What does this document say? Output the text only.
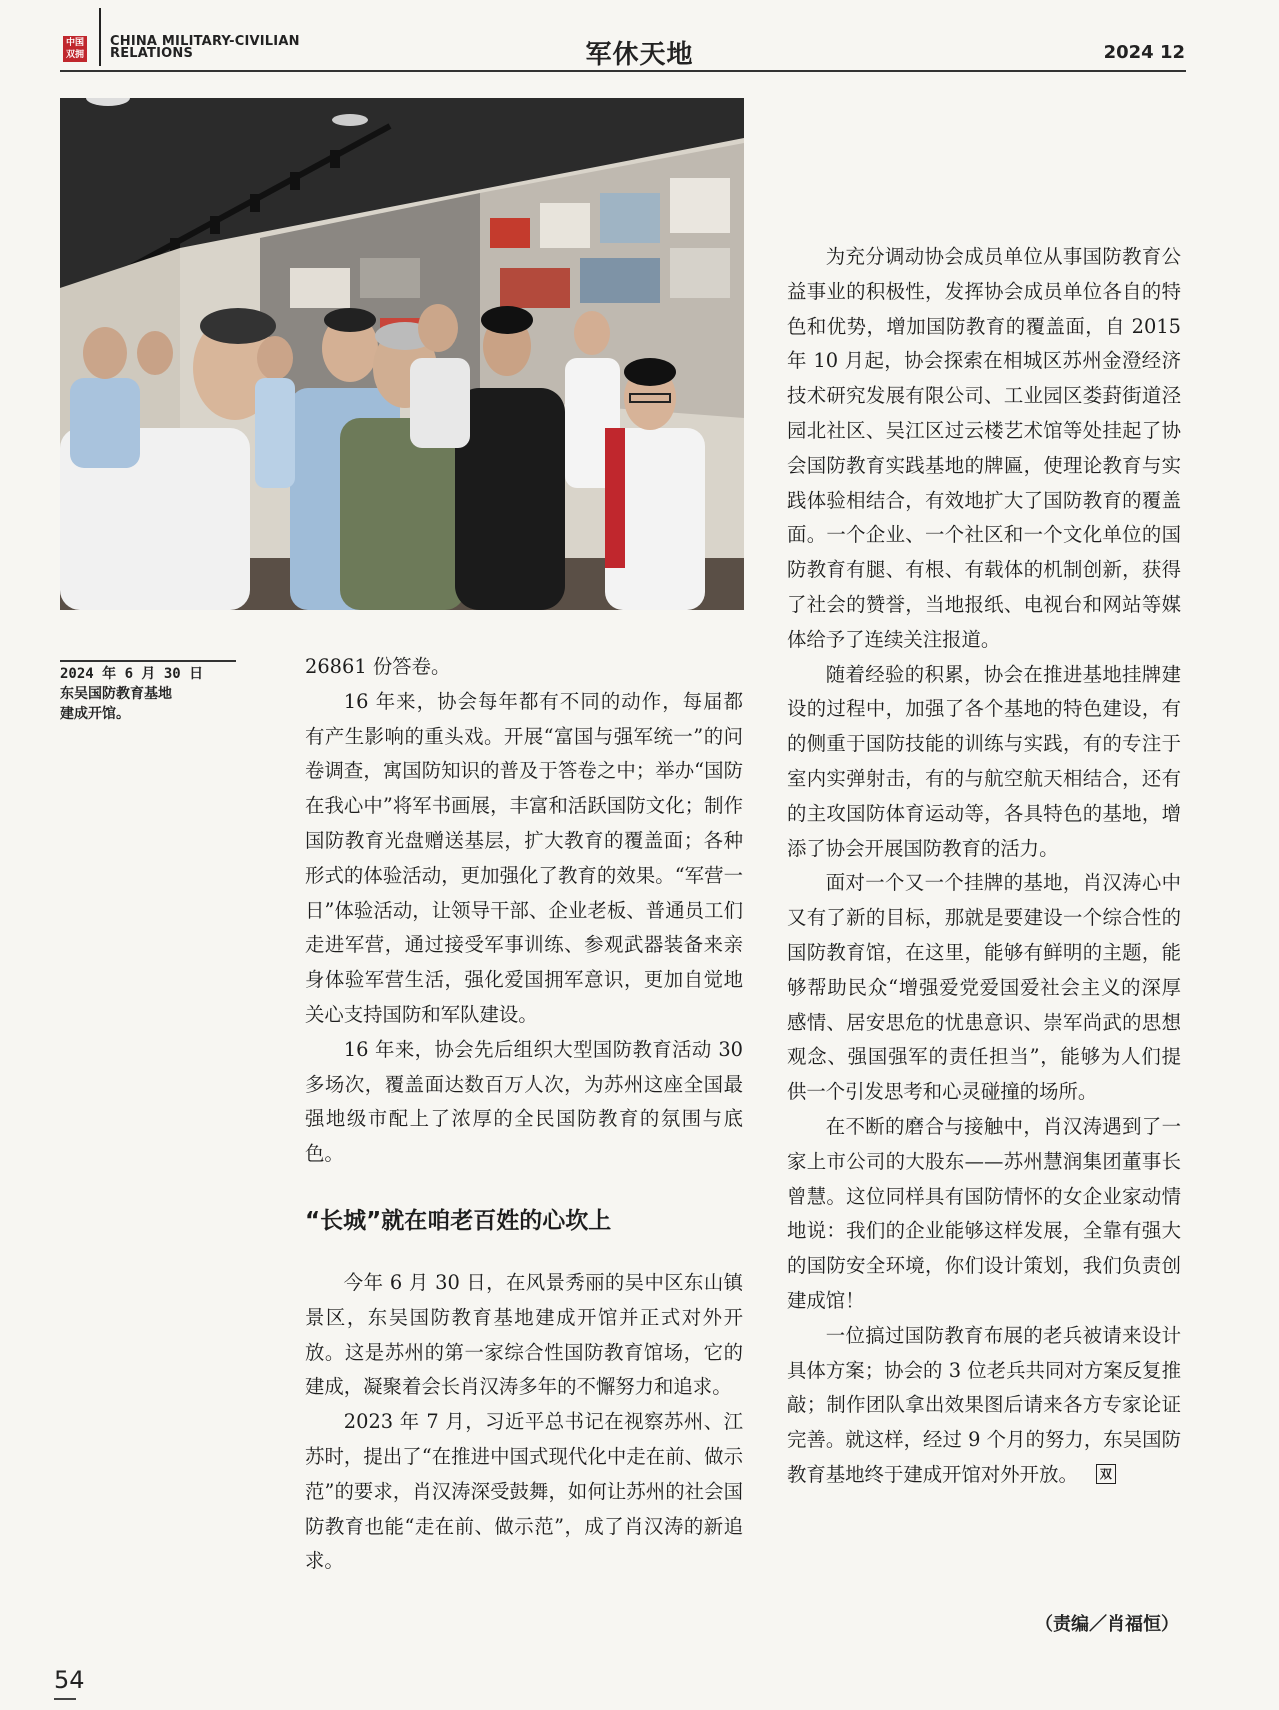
中国双拥
CHINA MILITARY-CIVILIAN
RELATIONS	军休天地	2024 12
2024 年 6 月 30 日
东吴国防教育基地
建成开馆。

26861 份答卷。

16 年来，协会每年都有不同的动作，每届都有产生影响的重头戏。开展“富国与强军统一”的问卷调查，寓国防知识的普及于答卷之中；举办“国防在我心中”将军书画展，丰富和活跃国防文化；制作国防教育光盘赠送基层，扩大教育的覆盖面；各种形式的体验活动，更加强化了教育的效果。“军营一日”体验活动，让领导干部、企业老板、普通员工们走进军营，通过接受军事训练、参观武器装备来亲身体验军营生活，强化爱国拥军意识，更加自觉地关心支持国防和军队建设。

16 年来，协会先后组织大型国防教育活动 30 多场次，覆盖面达数百万人次，为苏州这座全国最强地级市配上了浓厚的全民国防教育的氛围与底色。

“长城”就在咱老百姓的心坎上

今年 6 月 30 日，在风景秀丽的吴中区东山镇景区，东吴国防教育基地建成开馆并正式对外开放。这是苏州的第一家综合性国防教育馆场，它的建成，凝聚着会长肖汉涛多年的不懈努力和追求。

2023 年 7 月，习近平总书记在视察苏州、江苏时，提出了“在推进中国式现代化中走在前、做示范”的要求，肖汉涛深受鼓舞，如何让苏州的社会国防教育也能“走在前、做示范”，成了肖汉涛的新追求。

为充分调动协会成员单位从事国防教育公益事业的积极性，发挥协会成员单位各自的特色和优势，增加国防教育的覆盖面，自 2015 年 10 月起，协会探索在相城区苏州金澄经济技术研究发展有限公司、工业园区娄葑街道泾园北社区、吴江区过云楼艺术馆等处挂起了协会国防教育实践基地的牌匾，使理论教育与实践体验相结合，有效地扩大了国防教育的覆盖面。一个企业、一个社区和一个文化单位的国防教育有腿、有根、有载体的机制创新，获得了社会的赞誉，当地报纸、电视台和网站等媒体给予了连续关注报道。

随着经验的积累，协会在推进基地挂牌建设的过程中，加强了各个基地的特色建设，有的侧重于国防技能的训练与实践，有的专注于室内实弹射击，有的与航空航天相结合，还有的主攻国防体育运动等，各具特色的基地，增添了协会开展国防教育的活力。

面对一个又一个挂牌的基地，肖汉涛心中又有了新的目标，那就是要建设一个综合性的国防教育馆，在这里，能够有鲜明的主题，能够帮助民众“增强爱党爱国爱社会主义的深厚感情、居安思危的忧患意识、崇军尚武的思想观念、强国强军的责任担当”，能够为人们提供一个引发思考和心灵碰撞的场所。

在不断的磨合与接触中，肖汉涛遇到了一家上市公司的大股东——苏州慧润集团董事长曾慧。这位同样具有国防情怀的女企业家动情地说：我们的企业能够这样发展，全靠有强大的国防安全环境，你们设计策划，我们负责创建成馆！

一位搞过国防教育布展的老兵被请来设计具体方案；协会的 3 位老兵共同对方案反复推敲；制作团队拿出效果图后请来各方专家论证完善。就这样，经过 9 个月的努力，东吴国防教育基地终于建成开馆对外开放。 双

（责编／肖福恒）
54
